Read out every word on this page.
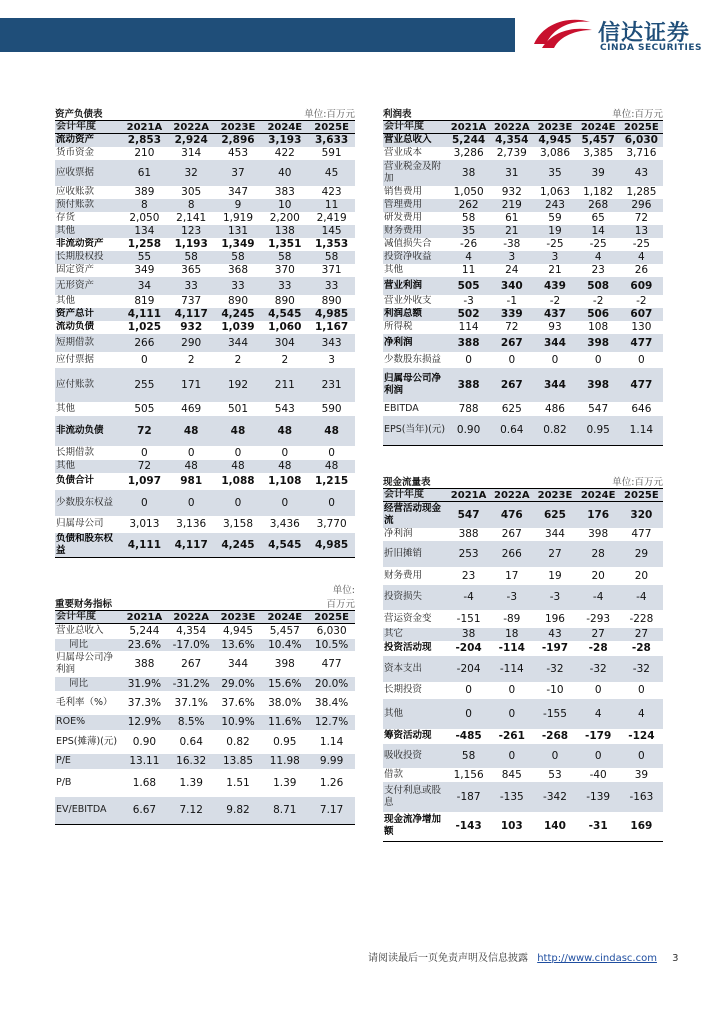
信达证券
CINDA SECURITIES
资产负债表	单位:百万元
会计年度	2021A	2022A	2023E	2024E	2025E
流动资产	2,853	2,924	2,896	3,193	3,633
货币资金	210	314	453	422	591
应收票据	61	32	37	40	45
应收账款	389	305	347	383	423
预付账款	8	8	9	10	11
存货	2,050	2,141	1,919	2,200	2,419
其他	134	123	131	138	145
非流动资产	1,258	1,193	1,349	1,351	1,353
长期股权投	55	58	58	58	58
固定资产	349	365	368	370	371
无形资产	34	33	33	33	33
其他	819	737	890	890	890
资产总计	4,111	4,117	4,245	4,545	4,985
流动负债	1,025	932	1,039	1,060	1,167
短期借款	266	290	344	304	343
应付票据	0	2	2	2	3
应付账款	255	171	192	211	231
其他	505	469	501	543	590
非流动负债	72	48	48	48	48
长期借款	0	0	0	0	0
其他	72	48	48	48	48
负债合计	1,097	981	1,088	1,108	1,215
少数股东权益	0	0	0	0	0
归属母公司	3,013	3,136	3,158	3,436	3,770
负债和股东权益	4,111	4,117	4,245	4,545	4,985
重要财务指标
单位:百万元
会计年度	2021A	2022A	2023E	2024E	2025E
营业总收入	5,244	4,354	4,945	5,457	6,030
同比	23.6%	-17.0%	13.6%	10.4%	10.5%
归属母公司净利润	388	267	344	398	477
同比	31.9%	-31.2%	29.0%	15.6%	20.0%
毛利率（%）	37.3%	37.1%	37.6%	38.0%	38.4%
ROE%	12.9%	8.5%	10.9%	11.6%	12.7%
EPS(摊薄)(元)	0.90	0.64	0.82	0.95	1.14
P/E	13.11	16.32	13.85	11.98	9.99
P/B	1.68	1.39	1.51	1.39	1.26
EV/EBITDA	6.67	7.12	9.82	8.71	7.17
利润表	单位:百万元
会计年度	2021A	2022A	2023E	2024E	2025E
营业总收入	5,244	4,354	4,945	5,457	6,030
营业成本	3,286	2,739	3,086	3,385	3,716
营业税金及附加	38	31	35	39	43
销售费用	1,050	932	1,063	1,182	1,285
管理费用	262	219	243	268	296
研发费用	58	61	59	65	72
财务费用	35	21	19	14	13
减值损失合	-26	-38	-25	-25	-25
投资净收益	4	3	3	4	4
其他	11	24	21	23	26
营业利润	505	340	439	508	609
营业外收支	-3	-1	-2	-2	-2
利润总额	502	339	437	506	607
所得税	114	72	93	108	130
净利润	388	267	344	398	477
少数股东损益	0	0	0	0	0
归属母公司净利润	388	267	344	398	477
EBITDA	788	625	486	547	646
EPS(当年)(元)	0.90	0.64	0.82	0.95	1.14
现金流量表	单位:百万元
会计年度	2021A	2022A	2023E	2024E	2025E
经营活动现金流	547	476	625	176	320
净利润	388	267	344	398	477
折旧摊销	253	266	27	28	29
财务费用	23	17	19	20	20
投资损失	-4	-3	-3	-4	-4
营运资金变	-151	-89	196	-293	-228
其它	38	18	43	27	27
投资活动现	-204	-114	-197	-28	-28
资本支出	-204	-114	-32	-32	-32
长期投资	0	0	-10	0	0
其他	0	0	-155	4	4
筹资活动现	-485	-261	-268	-179	-124
吸收投资	58	0	0	0	0
借款	1,156	845	53	-40	39
支付利息或股息	-187	-135	-342	-139	-163
现金流净增加额	-143	103	140	-31	169
请阅读最后一页免责声明及信息披露 http://www.cindasc.com 3
